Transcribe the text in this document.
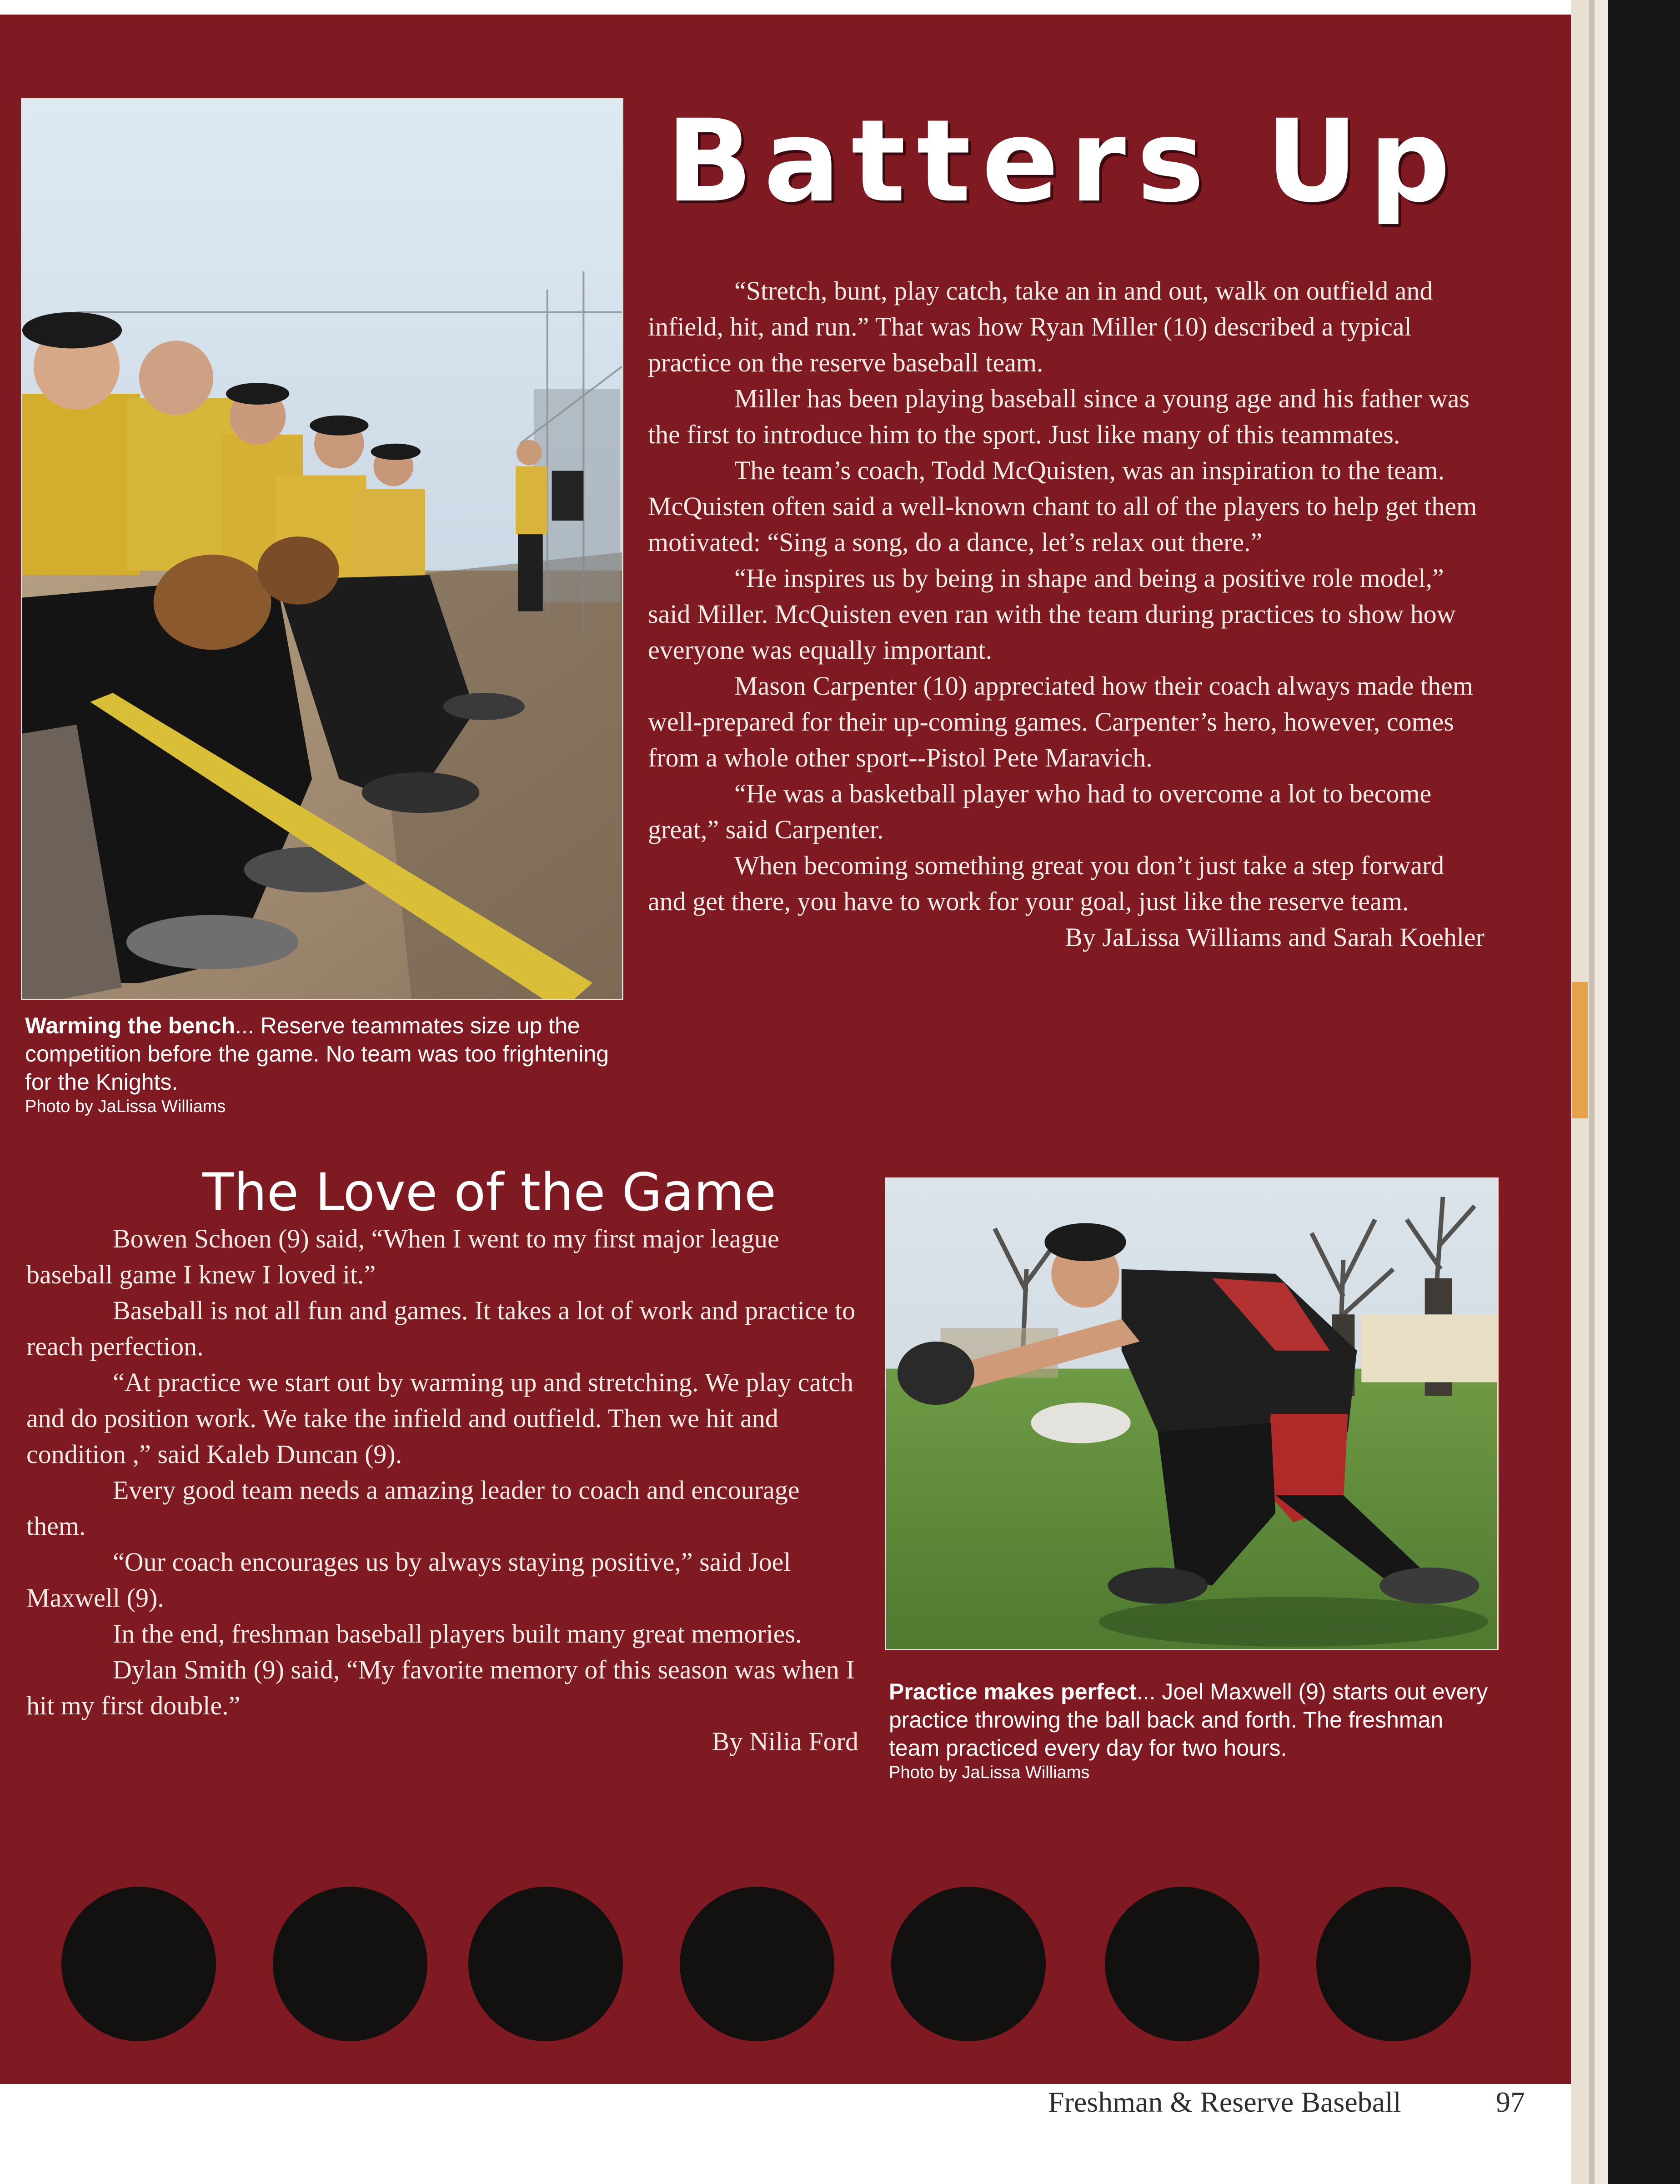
Batters Up

“Stretch, bunt, play catch, take an in and out, walk on outfield and infield, hit, and run.” That was how Ryan Miller (10) described a typical practice on the reserve baseball team.

Miller has been playing baseball since a young age and his father was the first to introduce him to the sport. Just like many of this teammates.

The team’s coach, Todd McQuisten, was an inspiration to the team. McQuisten often said a well-known chant to all of the players to help get them motivated: “Sing a song, do a dance, let’s relax out there.”

“He inspires us by being in shape and being a positive role model,” said Miller. McQuisten even ran with the team during practices to show how everyone was equally important.

Mason Carpenter (10) appreciated how their coach always made them well-prepared for their up-coming games. Carpenter’s hero, however, comes from a whole other sport--Pistol Pete Maravich.

“He was a basketball player who had to overcome a lot to become great,” said Carpenter.

When becoming something great you don’t just take a step forward and get there, you have to work for your goal, just like the reserve team.

By JaLissa Williams and Sarah Koehler

Warming the bench... Reserve teammates size up the competition before the game. No team was too frightening for the Knights.
Photo by JaLissa Williams
The Love of the Game

Bowen Schoen (9) said, “When I went to my first major league baseball game I knew I loved it.”

Baseball is not all fun and games. It takes a lot of work and practice to reach perfection.

“At practice we start out by warming up and stretching. We play catch and do position work. We take the infield and outfield. Then we hit and condition ,” said Kaleb Duncan (9).

Every good team needs a amazing leader to coach and encourage them.

“Our coach encourages us by always staying positive,” said Joel Maxwell (9).

In the end, freshman baseball players built many great memories.

Dylan Smith (9) said, “My favorite memory of this season was when I hit my first double.”

By Nilia Ford

Practice makes perfect... Joel Maxwell (9) starts out every practice throwing the ball back and forth. The freshman team practiced every day for two hours.
Photo by JaLissa Williams
Freshman & Reserve Baseball	97
